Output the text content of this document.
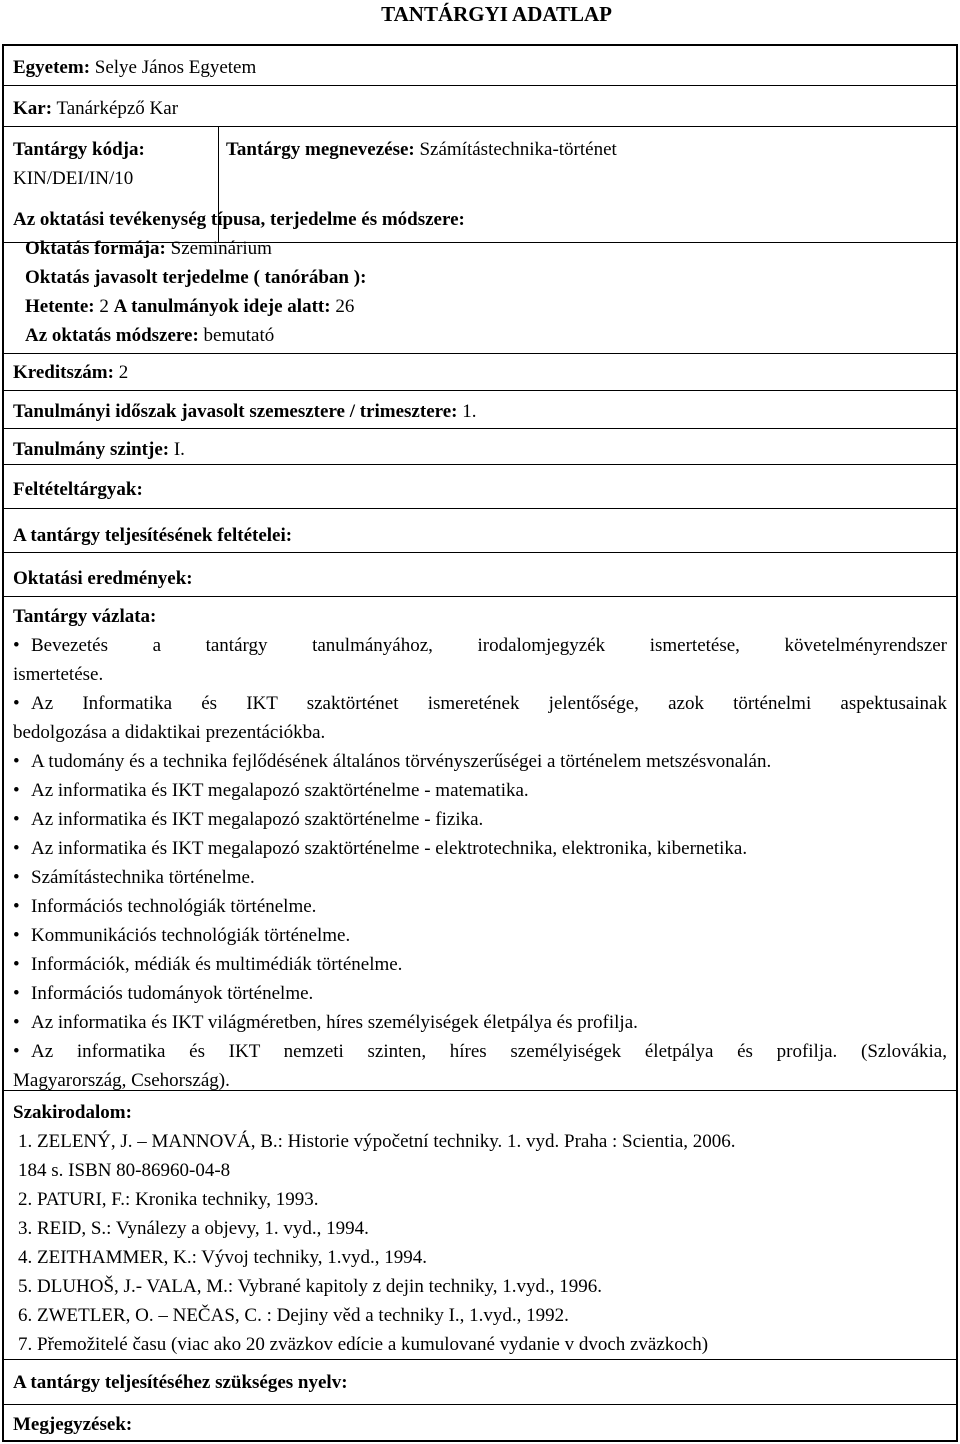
TANTÁRGYI ADATLAP
Egyetem: Selye János Egyetem
Kar: Tanárképző Kar
Tantárgy kódja:
KIN/DEI/IN/10
Tantárgy megnevezése: Számítástechnika-történet
Az oktatási tevékenység típusa, terjedelme és módszere:
Oktatás formája: Szeminárium
Oktatás javasolt terjedelme ( tanórában ):
Hetente: 2 A tanulmányok ideje alatt: 26
Az oktatás módszere: bemutató
Kreditszám: 2
Tanulmányi időszak javasolt szemesztere / trimesztere: 1.
Tanulmány szintje: I.
Feltételtárgyak:
A tantárgy teljesítésének feltételei:
Oktatási eredmények:
Tantárgy vázlata:
• Bevezetés a tantárgy tanulmányához, irodalomjegyzék ismertetése, követelményrendszer
ismertetése.
• Az Informatika és IKT szaktörténet ismeretének jelentősége, azok történelmi aspektusainak
bedolgozása a didaktikai prezentációkba.
• A tudomány és a technika fejlődésének általános törvényszerűségei a történelem metszésvonalán.
• Az informatika és IKT megalapozó szaktörténelme - matematika.
• Az informatika és IKT megalapozó szaktörténelme - fizika.
• Az informatika és IKT megalapozó szaktörténelme - elektrotechnika, elektronika, kibernetika.
• Számítástechnika történelme.
• Információs technológiák történelme.
• Kommunikációs technológiák történelme.
• Információk, médiák és multimédiák történelme.
• Információs tudományok történelme.
• Az informatika és IKT világméretben, híres személyiségek életpálya és profilja.
• Az informatika és IKT nemzeti szinten, híres személyiségek életpálya és profilja. (Szlovákia,
Magyarország, Csehország).
Szakirodalom:
1. ZELENÝ, J. – MANNOVÁ, B.: Historie výpočetní techniky. 1. vyd. Praha : Scientia, 2006.
184 s. ISBN 80-86960-04-8
2. PATURI, F.: Kronika techniky, 1993.
3. REID, S.: Vynálezy a objevy, 1. vyd., 1994.
4. ZEITHAMMER, K.: Vývoj techniky, 1.vyd., 1994.
5. DLUHOŠ, J.- VALA, M.: Vybrané kapitoly z dejin techniky, 1.vyd., 1996.
6. ZWETLER, O. – NEČAS, C. : Dejiny věd a techniky I., 1.vyd., 1992.
7. Přemožitelé času (viac ako 20 zväzkov edície a kumulované vydanie v dvoch zväzkoch)
A tantárgy teljesítéséhez szükséges nyelv:
Megjegyzések:
